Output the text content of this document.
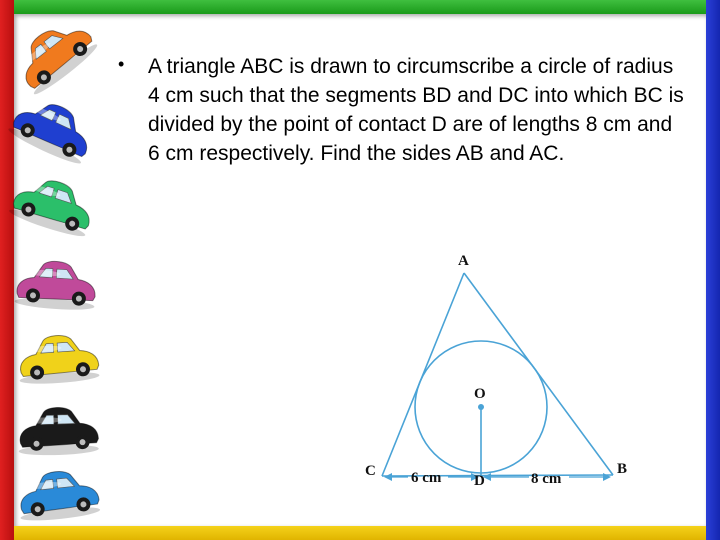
• A triangle ABC is drawn to circumscribe a circle of radius 4 cm such that the segments BD and DC into which BC is divided by the point of contact D are of lengths 8 cm and 6 cm respectively. Find the sides AB and AC.
A
O
C	B
D
6 cm	8 cm
